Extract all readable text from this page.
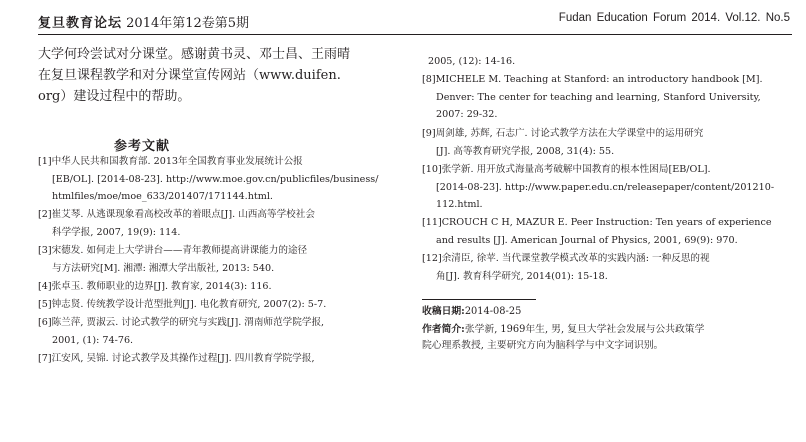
复旦教育论坛 2014年第12卷第5期	Fudan Education Forum 2014. Vol.12. No.5
大学何玲尝试对分课堂。感谢黄书灵、邓士昌、王雨晴
在复旦课程教学和对分课堂宣传网站（www.duifen.
org）建设过程中的帮助。
参考文献
[1]中华人民共和国教育部. 2013年全国教育事业发展统计公报
[EB/OL]. [2014-08-23]. http://www.moe.gov.cn/publicfiles/business/
htmlfiles/moe/moe_633/201407/171144.html.
[2]崔艾琴. 从逃课现象看高校改革的着眼点[J]. 山西高等学校社会
科学学报, 2007, 19(9): 114.
[3]宋德发. 如何走上大学讲台——青年教师提高讲课能力的途径
与方法研究[M]. 湘潭: 湘潭大学出版社, 2013: 540.
[4]张卓玉. 教师职业的边界[J]. 教育家, 2014(3): 116.
[5]钟志贤. 传统教学设计范型批判[J]. 电化教育研究, 2007(2): 5-7.
[6]陈兰萍, 贾淑云. 讨论式教学的研究与实践[J]. 渭南师范学院学报,
2001, (1): 74-76.
[7]江安风, 吴锦. 讨论式教学及其操作过程[J]. 四川教育学院学报,
2005, (12): 14-16.
[8]MICHELE M. Teaching at Stanford: an introductory handbook [M].
Denver: The center for teaching and learning, Stanford University,
2007: 29-32.
[9]周剑雄, 苏辉, 石志广. 讨论式教学方法在大学课堂中的运用研究
[J]. 高等教育研究学报, 2008, 31(4): 55.
[10]张学新. 用开放式海量高考破解中国教育的根本性困局[EB/OL].
[2014-08-23]. http://www.paper.edu.cn/releasepaper/content/201210-
112.html.
[11]CROUCH C H, MAZUR E. Peer Instruction: Ten years of experience
and results [J]. American Journal of Physics, 2001, 69(9): 970.
[12]余清臣, 徐苹. 当代课堂教学模式改革的实践内涵: 一种反思的视
角[J]. 教育科学研究, 2014(01): 15-18.
收稿日期:2014-08-25
作者简介:张学新, 1969年生, 男, 复旦大学社会发展与公共政策学
院心理系教授, 主要研究方向为脑科学与中文字词识别。
